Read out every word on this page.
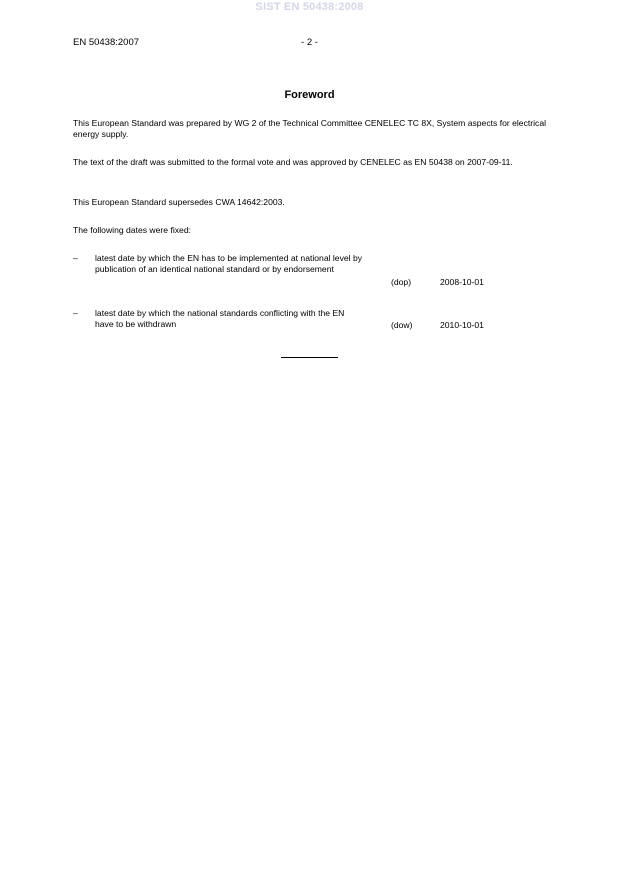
SIST EN 50438:2008
EN 50438:2007	- 2 -
Foreword
This European Standard was prepared by WG 2 of the Technical Committee CENELEC TC 8X, System aspects for electrical energy supply.
The text of the draft was submitted to the formal vote and was approved by CENELEC as EN 50438 on 2007-09-11.
This European Standard supersedes CWA 14642:2003.
The following dates were fixed:
– latest date by which the EN has to be implemented at national level by publication of an identical national standard or by endorsement
(dop)	2008-10-01
– latest date by which the national standards conflicting with the EN have to be withdrawn	(dow)	2010-10-01
